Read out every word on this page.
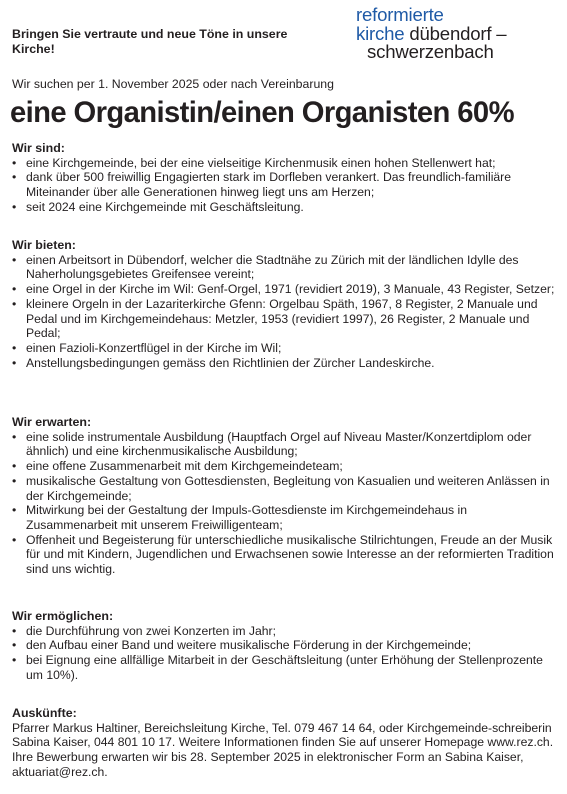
Bringen Sie vertraute und neue Töne in unsere Kirche!
reformierte
kirche dübendorf –
schwerzenbach
Wir suchen per 1. November 2025 oder nach Vereinbarung
eine Organistin/einen Organisten 60%
Wir sind:
• eine Kirchgemeinde, bei der eine vielseitige Kirchenmusik einen hohen Stellenwert hat;
• dank über 500 freiwillig Engagierten stark im Dorfleben verankert. Das freundlich-familiäre Miteinander über alle Generationen hinweg liegt uns am Herzen;
• seit 2024 eine Kirchgemeinde mit Geschäftsleitung.
Wir bieten:
• einen Arbeitsort in Dübendorf, welcher die Stadtnähe zu Zürich mit der ländlichen Idylle des Naherholungsgebietes Greifensee vereint;
• eine Orgel in der Kirche im Wil: Genf-Orgel, 1971 (revidiert 2019), 3 Manuale, 43 Register, Setzer;
• kleinere Orgeln in der Lazariterkirche Gfenn: Orgelbau Späth, 1967, 8 Register, 2 Manuale und Pedal und im Kirchgemeindehaus: Metzler, 1953 (revidiert 1997), 26 Register, 2 Manuale und Pedal;
• einen Fazioli-Konzertflügel in der Kirche im Wil;
• Anstellungsbedingungen gemäss den Richtlinien der Zürcher Landeskirche.
Wir erwarten:
• eine solide instrumentale Ausbildung (Hauptfach Orgel auf Niveau Master/Konzertdiplom oder ähnlich) und eine kirchenmusikalische Ausbildung;
• eine offene Zusammenarbeit mit dem Kirchgemeindeteam;
• musikalische Gestaltung von Gottesdiensten, Begleitung von Kasualien und weiteren Anlässen in der Kirchgemeinde;
• Mitwirkung bei der Gestaltung der Impuls-Gottesdienste im Kirchgemeindehaus in Zusammenarbeit mit unserem Freiwilligenteam;
• Offenheit und Begeisterung für unterschiedliche musikalische Stilrichtungen, Freude an der Musik für und mit Kindern, Jugendlichen und Erwachsenen sowie Interesse an der reformierten Tradition sind uns wichtig.
Wir ermöglichen:
• die Durchführung von zwei Konzerten im Jahr;
• den Aufbau einer Band und weitere musikalische Förderung in der Kirchgemeinde;
• bei Eignung eine allfällige Mitarbeit in der Geschäftsleitung (unter Erhöhung der Stellenprozente um 10%).
Auskünfte:

Pfarrer Markus Haltiner, Bereichsleitung Kirche, Tel. 079 467 14 64, oder Kirchgemeinde-schreiberin Sabina Kaiser, 044 801 10 17. Weitere Informationen finden Sie auf unserer Homepage www.rez.ch. Ihre Bewerbung erwarten wir bis 28. September 2025 in elektronischer Form an Sabina Kaiser, aktuariat@rez.ch.
